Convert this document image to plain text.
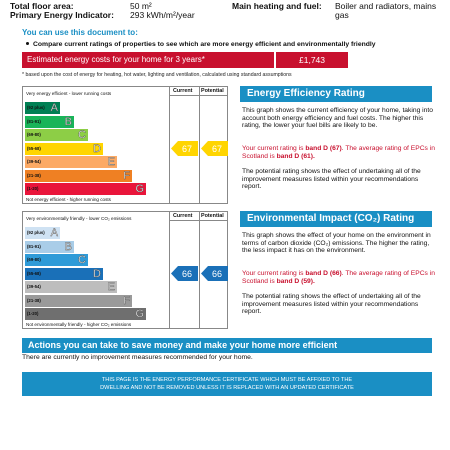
Total floor area:	50 m²
Primary Energy Indicator: 293 kWh/m²/year
Main heating and fuel: Boiler and radiators, mains gas
You can use this document to:
Compare current ratings of properties to see which are more energy efficient and environmentally friendly
Estimated energy costs for your home for 3 years*	£1,743
* based upon the cost of energy for heating, hot water, lighting and ventilation, calculated using standard assumptions
Current Potential
Very energy efficient - lower running costs
Not energy efficient - higher running costs
(92 plus) A
(81-91) B
(69-80)	C
(55-68)	D
(39-54)	E
(21-38)	F
(1-20)	G
67 67
Current Potential
Very environmentally friendly - lower CO₂ emissions
Not environmentally friendly - higher CO₂ emissions
(92 plus) A
(81-91) B
(69-80)	C
(55-68)	D
(39-54)	E
(21-38)	F
(1-20)	G
66 66
Energy Efficiency Rating
This graph shows the current efficiency of your home, taking into account both energy efficiency and fuel costs. The higher this rating, the lower your fuel bills are likely to be.
Your current rating is band D (67). The average rating of EPCs in Scotland is band D (61).
The potential rating shows the effect of undertaking all of the improvement measures listed within your recommendations report.
Environmental Impact (CO₂) Rating
This graph shows the effect of your home on the environment in terms of carbon dioxide (CO₂) emissions. The higher the rating, the less impact it has on the environment.
Your current rating is band D (66). The average rating of EPCs in Scotland is band D (59).
The potential rating shows the effect of undertaking all of the improvement measures listed within your recommendations report.
Actions you can take to save money and make your home more efficient
There are currently no improvement measures recommended for your home.
THIS PAGE IS THE ENERGY PERFORMANCE CERTIFICATE WHICH MUST BE AFFIXED TO THE
DWELLING AND NOT BE REMOVED UNLESS IT IS REPLACED WITH AN UPDATED CERTIFICATE
